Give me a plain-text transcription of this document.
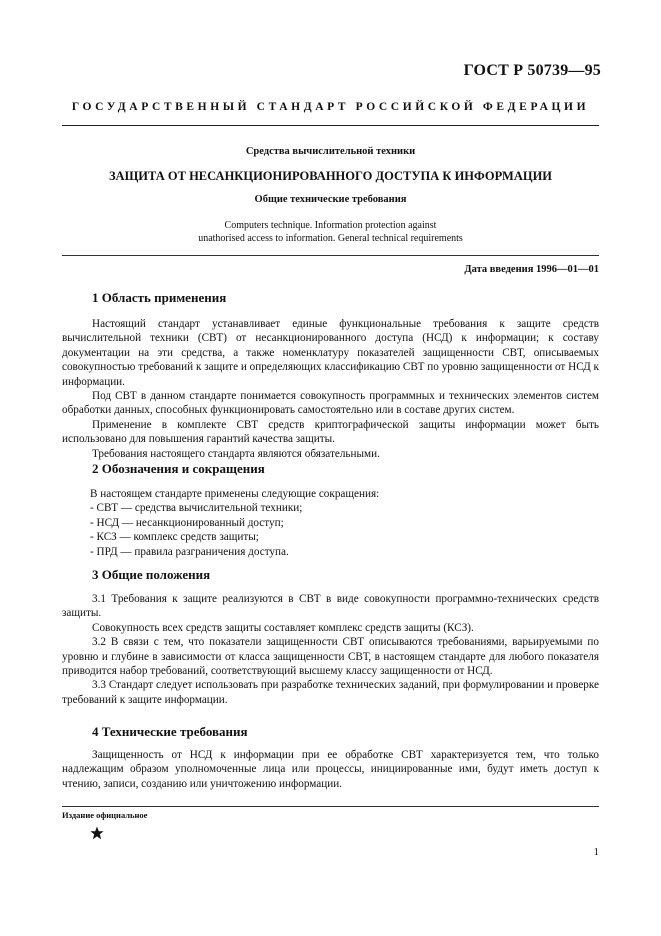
ГОСТ Р 50739—95
ГОСУДАРСТВЕННЫЙ СТАНДАРТ РОССИЙСКОЙ ФЕДЕРАЦИИ
Средства вычислительной техники
ЗАЩИТА ОТ НЕСАНКЦИОНИРОВАННОГО ДОСТУПА К ИНФОРМАЦИИ
Общие технические требования
Computers technique. Information protection against
unathorised access to information. General technical requirements
Дата введения 1996—01—01
1 Область применения
Настоящий стандарт устанавливает единые функциональные требования к защите средств вычислительной техники (СВТ) от несанкционированного доступа (НСД) к информации; к составу документации на эти средства, а также номенклатуру показателей защищенности СВТ, описываемых совокупностью требований к защите и определяющих классификацию СВТ по уровню защищенности от НСД к информации.
Под СВТ в данном стандарте понимается совокупность программных и технических элементов систем обработки данных, способных функционировать самостоятельно или в составе других систем.
Применение в комплекте СВТ средств криптографической защиты информации может быть использовано для повышения гарантий качества защиты.
Требования настоящего стандарта являются обязательными.
2 Обозначения и сокращения
В настоящем стандарте применены следующие сокращения:
- СВТ — средства вычислительной техники;
- НСД — несанкционированный доступ;
- КСЗ — комплекс средств защиты;
- ПРД — правила разграничения доступа.
3 Общие положения
3.1 Требования к защите реализуются в СВТ в виде совокупности программно-технических средств защиты.
Совокупность всех средств защиты составляет комплекс средств защиты (КСЗ).
3.2 В связи с тем, что показатели защищенности СВТ описываются требованиями, варьируемыми по уровню и глубине в зависимости от класса защищенности СВТ, в настоящем стандарте для любого показателя приводится набор требований, соответствующий высшему классу защищенности от НСД.
3.3 Стандарт следует использовать при разработке технических заданий, при формулировании и проверке требований к защите информации.
4 Технические требования
Защищенность от НСД к информации при ее обработке СВТ характеризуется тем, что только надлежащим образом уполномоченные лица или процессы, инициированные ими, будут иметь доступ к чтению, записи, созданию или уничтожению информации.
Издание официальное
1
